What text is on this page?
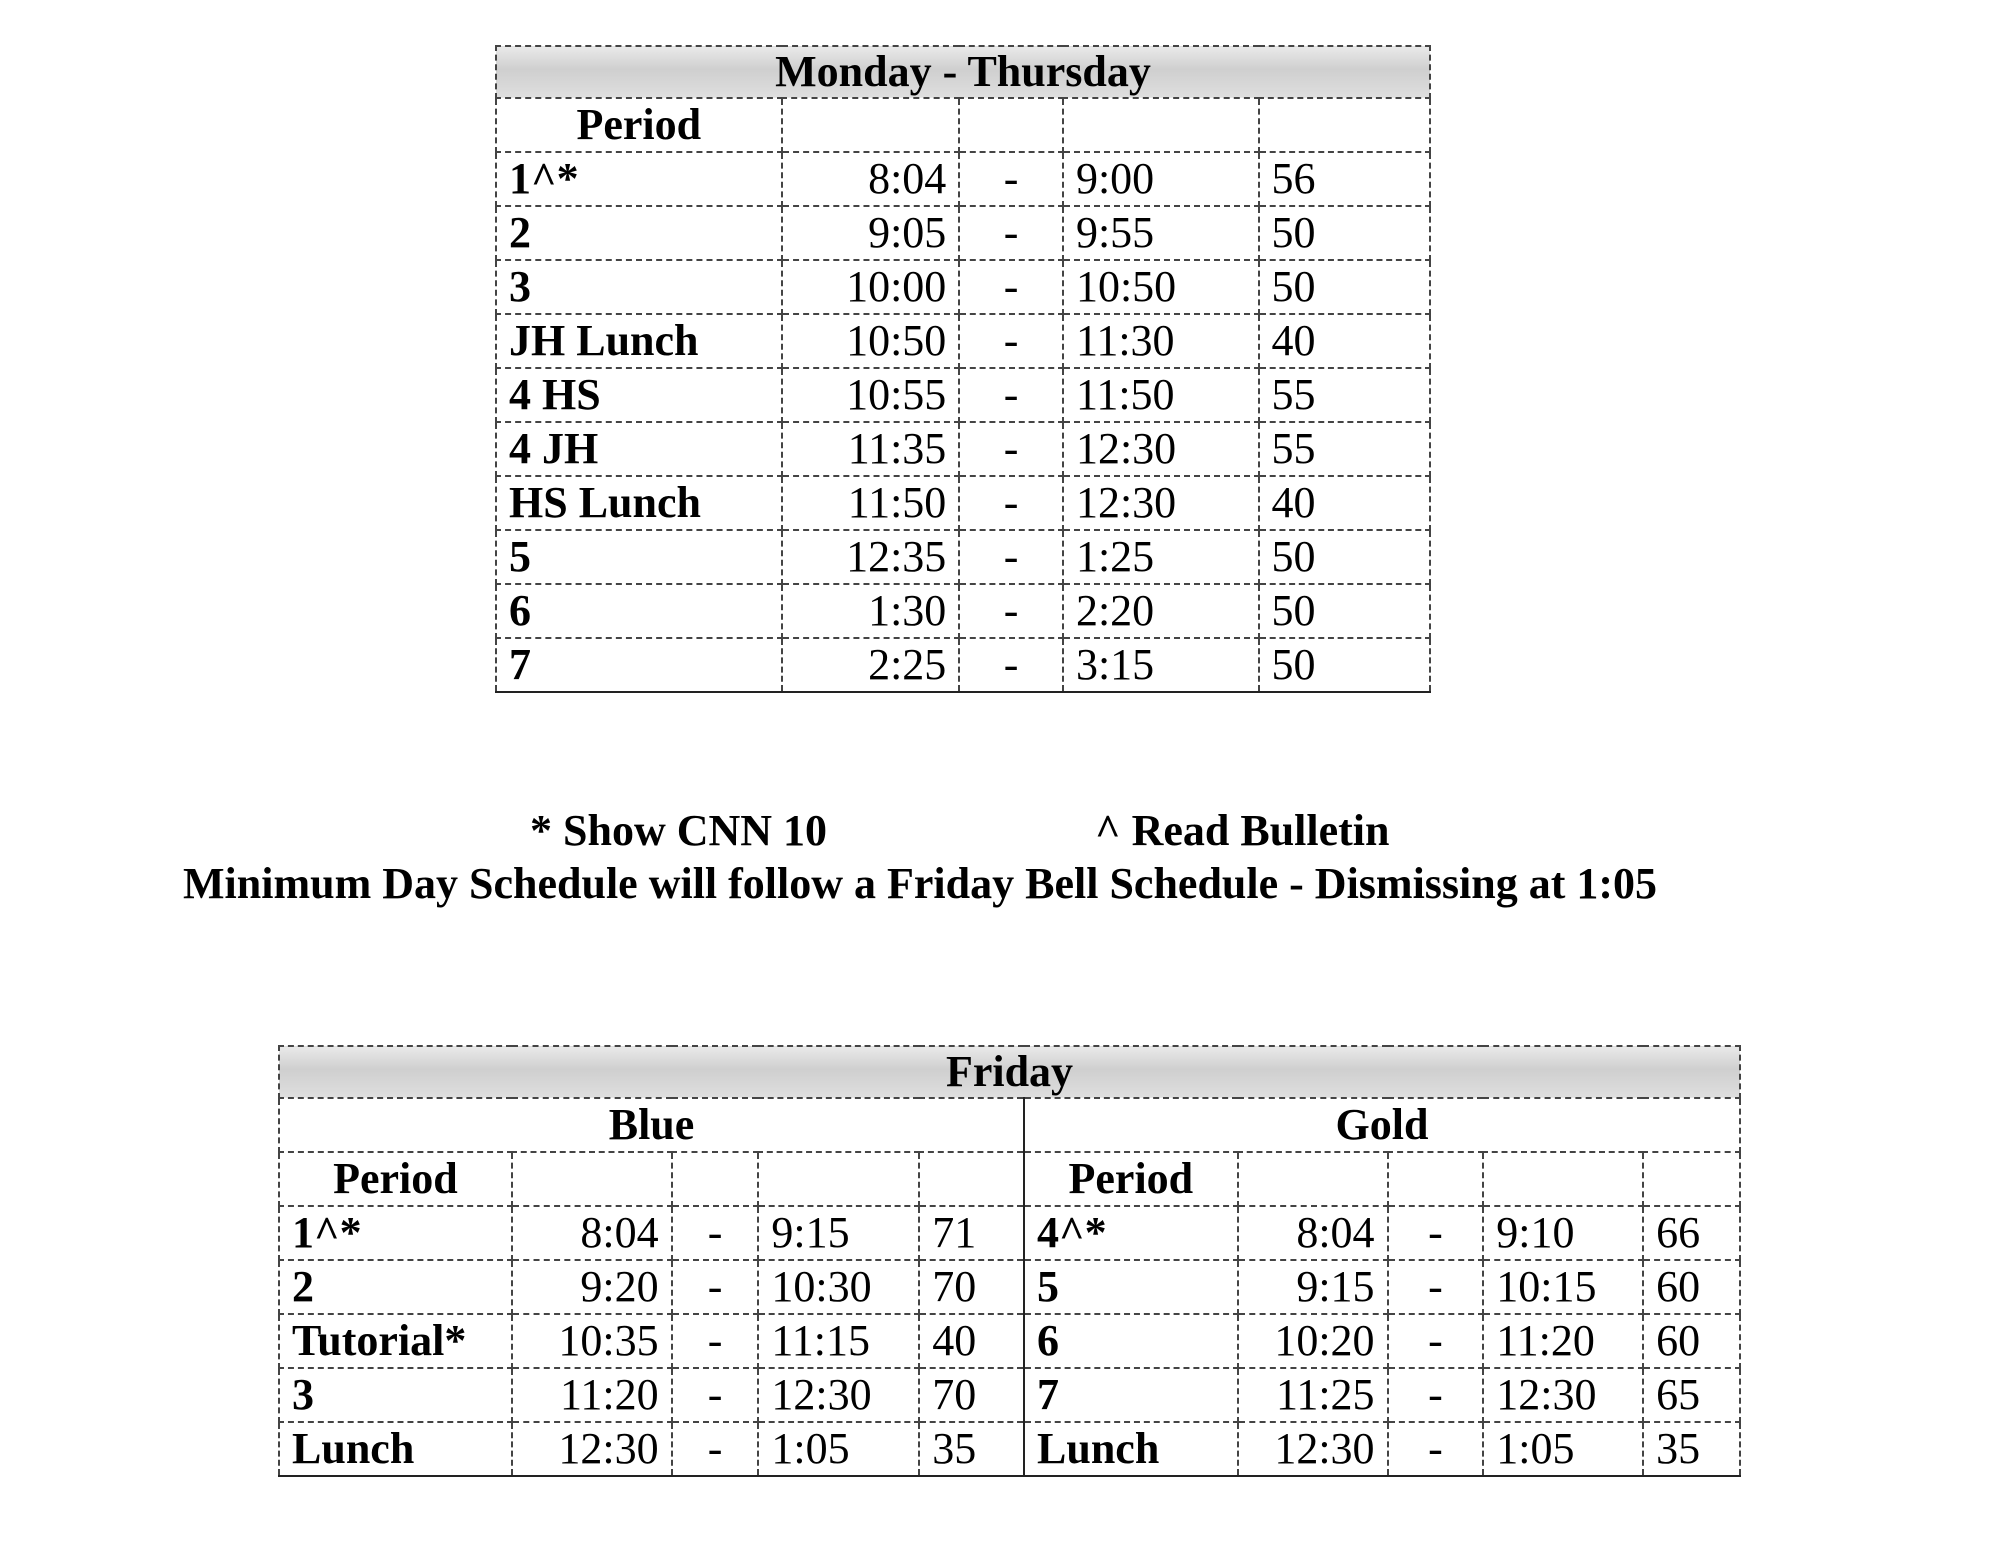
Monday - Thursday				
Period				
1^*	8:04	-	9:00	56
2	9:05	-	9:55	50
3	10:00	-	10:50	50
JH Lunch	10:50	-	11:30	40
4 HS	10:55	-	11:50	55
4 JH	11:35	-	12:30	55
HS Lunch	11:50	-	12:30	40
5	12:35	-	1:25	50
6	1:30	-	2:20	50
7	2:25	-	3:15	50
* Show CNN 10	^ Read Bulletin
Minimum Day Schedule will follow a Friday Bell Schedule - Dismissing at 1:05
Friday									
Blue					Gold				
Period					Period				
1^*	8:04	-	9:15	71	4^*	8:04	-	9:10	66
2	9:20	-	10:30	70	5	9:15	-	10:15	60
Tutorial*	10:35	-	11:15	40	6	10:20	-	11:20	60
3	11:20	-	12:30	70	7	11:25	-	12:30	65
Lunch	12:30	-	1:05	35	Lunch	12:30	-	1:05	35
